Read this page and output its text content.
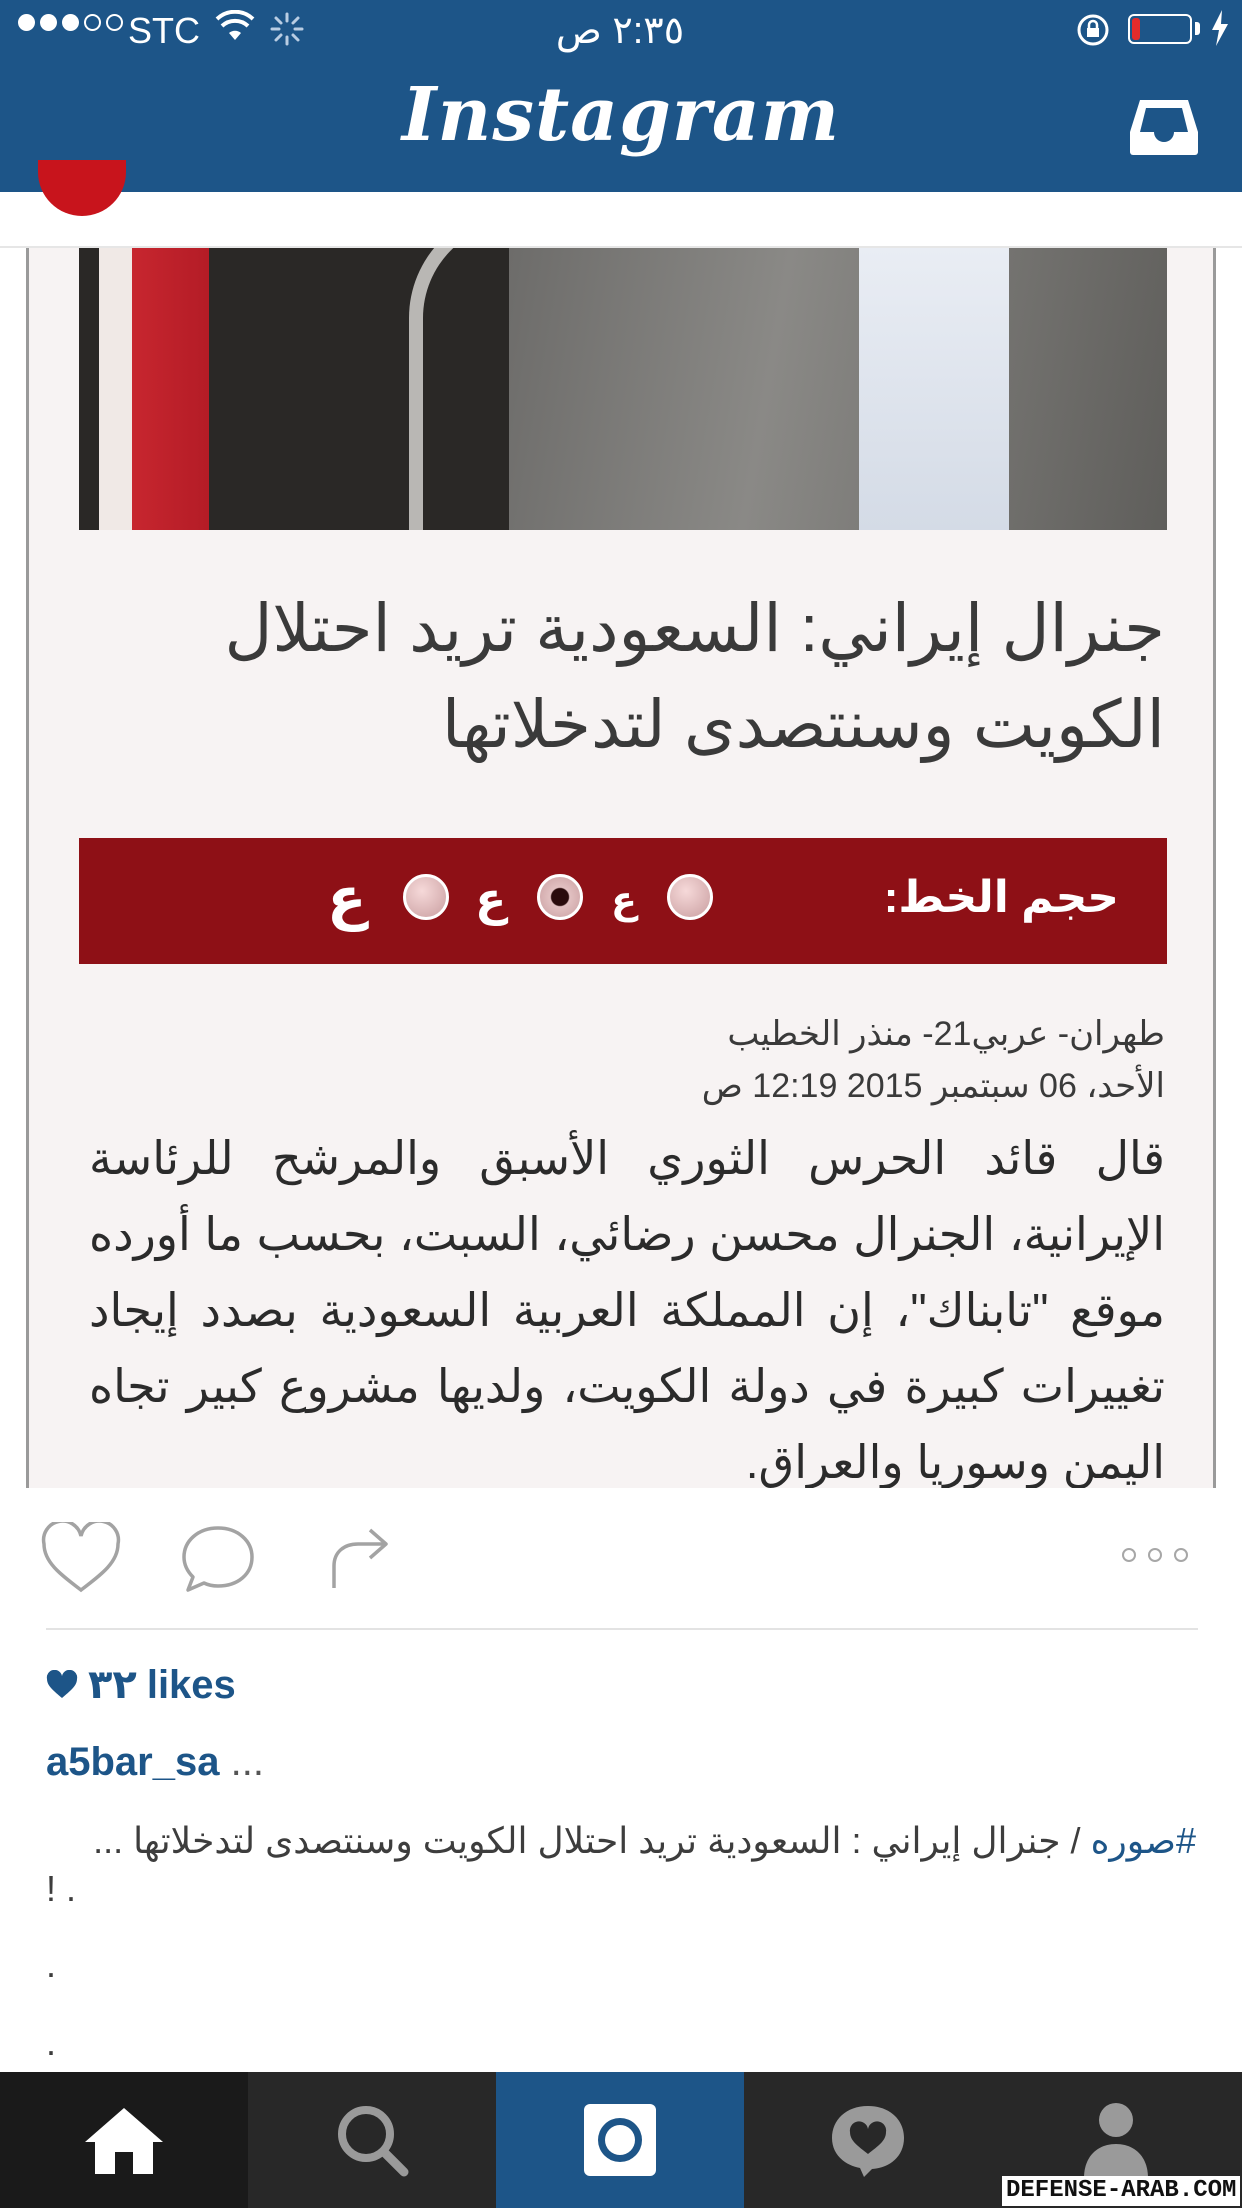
STC	٢:٣٥ ص
Instagram
جنرال إيراني: السعودية تريد احتلال
الكويت وسنتصدى لتدخلاتها
حجم الخط:
ع
ع
ع
طهران- عربي21- منذر الخطيب
الأحد، 06 سبتمبر 2015 12:19 ص
قال قائد الحرس الثوري الأسبق والمرشح للرئاسة الإيرانية، الجنرال محسن رضائي، السبت، بحسب ما أورده موقع "تابناك"، إن المملكة العربية السعودية بصدد إيجاد تغييرات كبيرة في دولة الكويت، ولديها مشروع كبير تجاه اليمن وسوريا والعراق.
٣٢ likes
a5bar_sa ...
#صوره / جنرال إيراني : السعودية تريد احتلال الكويت وسنتصدى لتدخلاتها ...
! .
.
.
DEFENSE-ARAB.COM
